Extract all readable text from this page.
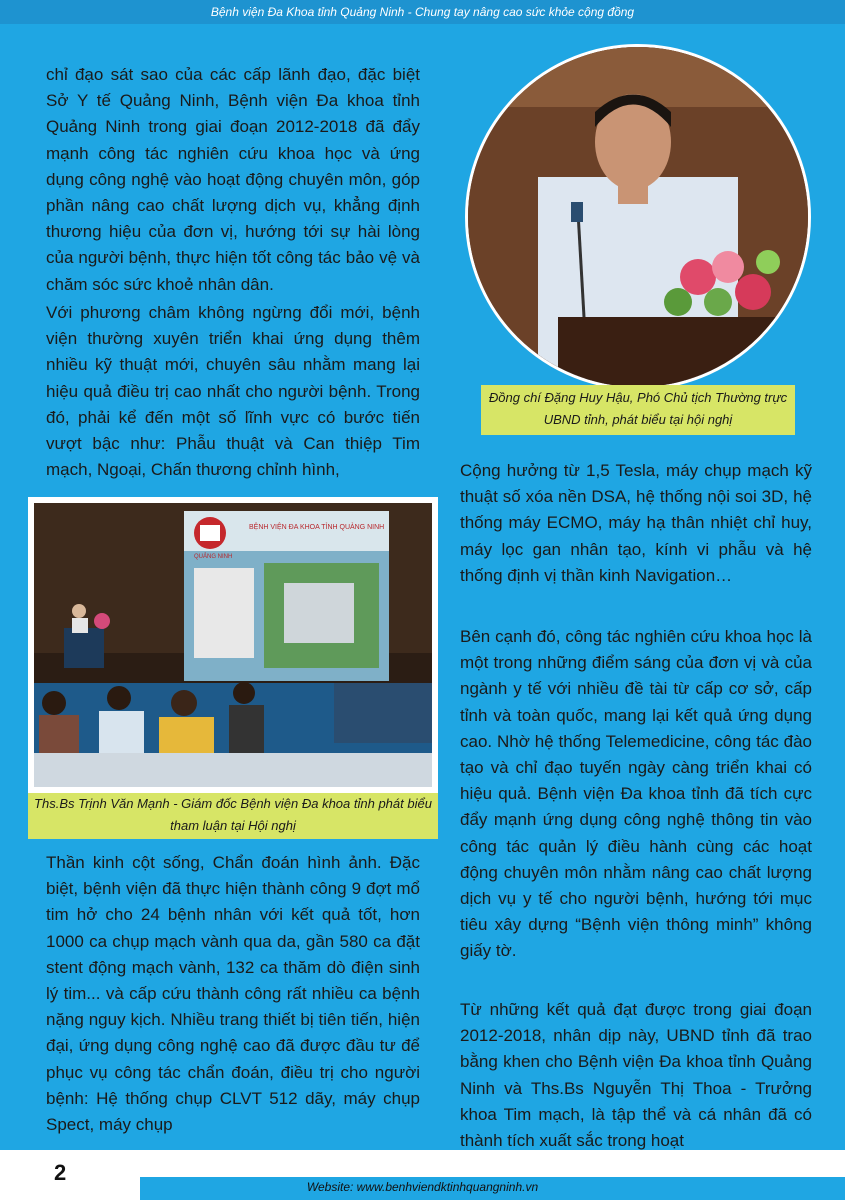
Bệnh viện Đa Khoa tỉnh Quảng Ninh - Chung tay nâng cao sức khỏe cộng đồng

chỉ đạo sát sao của các cấp lãnh đạo, đặc biệt Sở Y tế Quảng Ninh, Bệnh viện Đa khoa tỉnh Quảng Ninh trong giai đoạn 2012-2018 đã đẩy mạnh công tác nghiên cứu khoa học và ứng dụng công nghệ vào hoạt động chuyên môn, góp phần nâng cao chất lượng dịch vụ, khẳng định thương hiệu của đơn vị, hướng tới sự hài lòng của người bệnh, thực hiện tốt công tác bảo vệ và chăm sóc sức khoẻ nhân dân.

Với phương châm không ngừng đổi mới, bệnh viện thường xuyên triển khai ứng dụng thêm nhiều kỹ thuật mới, chuyên sâu nhằm mang lại hiệu quả điều trị cao nhất cho người bệnh. Trong đó, phải kể đến một số lĩnh vực có bước tiến vượt bậc như: Phẫu thuật và Can thiệp Tim mạch, Ngoại, Chấn thương chỉnh hình,

BỆNH VIỆN ĐA KHOA TỈNH QUẢNG NINH
QUẢNG NINH
Ths.Bs Trịnh Văn Mạnh - Giám đốc Bệnh viện Đa khoa tỉnh phát biểu tham luận tại Hội nghị

Thần kinh cột sống, Chẩn đoán hình ảnh. Đặc biệt, bệnh viện đã thực hiện thành công 9 đợt mổ tim hở cho 24 bệnh nhân với kết quả tốt, hơn 1000 ca chụp mạch vành qua da, gần 580 ca đặt stent động mạch vành, 132 ca thăm dò điện sinh lý tim... và cấp cứu thành công rất nhiều ca bệnh nặng nguy kịch. Nhiều trang thiết bị tiên tiến, hiện đại, ứng dụng công nghệ cao đã được đầu tư để phục vụ công tác chẩn đoán, điều trị cho người bệnh: Hệ thống chụp CLVT 512 dãy, máy chụp Spect, máy chụp

Đồng chí Đặng Huy Hậu, Phó Chủ tịch Thường trực UBND tỉnh, phát biểu tại hội nghị

Cộng hưởng từ 1,5 Tesla, máy chụp mạch kỹ thuật số xóa nền DSA, hệ thống nội soi 3D, hệ thống máy ECMO, máy hạ thân nhiệt chỉ huy, máy lọc gan nhân tạo, kính vi phẫu và hệ thống định vị thần kinh Navigation…

Bên cạnh đó, công tác nghiên cứu khoa học là một trong những điểm sáng của đơn vị và của ngành y tế với nhiều đề tài từ cấp cơ sở, cấp tỉnh và toàn quốc, mang lại kết quả ứng dụng cao. Nhờ hệ thống Telemedicine, công tác đào tạo và chỉ đạo tuyến ngày càng triển khai có hiệu quả. Bệnh viện Đa khoa tỉnh đã tích cực đẩy mạnh ứng dụng công nghệ thông tin vào công tác quản lý điều hành cùng các hoạt động chuyên môn nhằm nâng cao chất lượng dịch vụ y tế cho người bệnh, hướng tới mục tiêu xây dựng “Bệnh viện thông minh” không giấy tờ.

Từ những kết quả đạt được trong giai đoạn 2012-2018, nhân dịp này, UBND tỉnh đã trao bằng khen cho Bệnh viện Đa khoa tỉnh Quảng Ninh và Ths.Bs Nguyễn Thị Thoa - Trưởng khoa Tim mạch, là tập thể và cá nhân đã có thành tích xuất sắc trong hoạt

2
Website: www.benhviendktinhquangninh.vn
